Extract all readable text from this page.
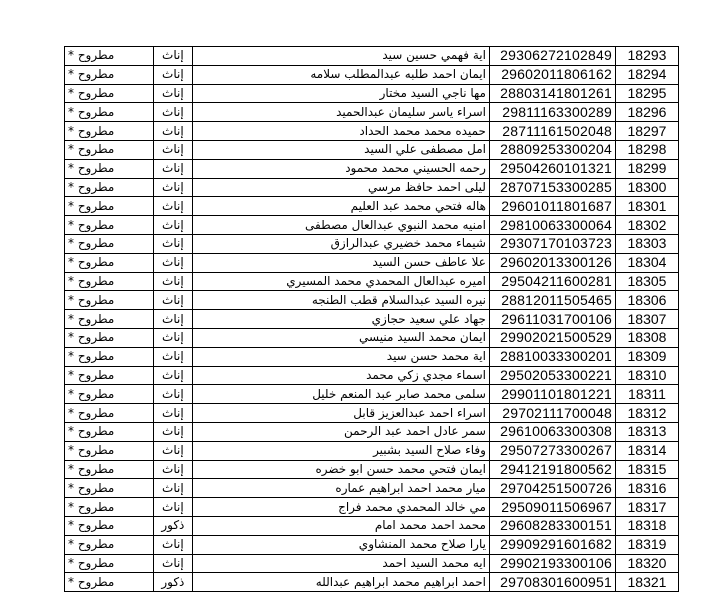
مطروح *	إناث	اية فهمي حسين سيد	29306272102849	18293
مطروح *	إناث	ايمان احمد طلبه عبدالمطلب سلامه	29602011806162	18294
مطروح *	إناث	مها ناجي السيد مختار	28803141801261	18295
مطروح *	إناث	اسراء ياسر سليمان عبدالحميد	29811163300289	18296
مطروح *	إناث	حميده محمد محمد الحداد	28711161502048	18297
مطروح *	إناث	امل مصطفى علي السيد	28809253300204	18298
مطروح *	إناث	رحمه الحسيني محمد محمود	29504260101321	18299
مطروح *	إناث	ليلى احمد حافظ مرسي	28707153300285	18300
مطروح *	إناث	هاله فتحي محمد عبد العليم	29601011801687	18301
مطروح *	إناث	امنيه محمد النبوي عبدالعال مصطفى	29810063300064	18302
مطروح *	إناث	شيماء محمد خضيري عبدالرازق	29307170103723	18303
مطروح *	إناث	علا عاطف حسن السيد	29602013300126	18304
مطروح *	إناث	اميره عبدالعال المحمدي محمد المسيري	29504211600281	18305
مطروح *	إناث	نيره السيد عبدالسلام قطب الطنجه	28812011505465	18306
مطروح *	إناث	جهاد علي سعيد حجازي	29611031700106	18307
مطروح *	إناث	ايمان محمد السيد منيسي	29902021500529	18308
مطروح *	إناث	اية محمد حسن سيد	28810033300201	18309
مطروح *	إناث	اسماء مجدي زكي محمد	29502053300221	18310
مطروح *	إناث	سلمى محمد صابر عبد المنعم خليل	29901101801221	18311
مطروح *	إناث	اسراء احمد عبدالعزيز قابل	29702111700048	18312
مطروح *	إناث	سمر عادل احمد عبد الرحمن	29610063300308	18313
مطروح *	إناث	وفاء صلاح السيد بشبير	29507273300267	18314
مطروح *	إناث	ايمان فتحي محمد حسن ابو خضره	29412191800562	18315
مطروح *	إناث	ميار محمد احمد ابراهيم عماره	29704251500726	18316
مطروح *	إناث	مي خالد المحمدي محمد فراج	29509011506967	18317
مطروح *	ذكور	محمد احمد محمد امام	29608283300151	18318
مطروح *	إناث	يارا صلاح محمد المنشاوي	29909291601682	18319
مطروح *	إناث	ايه محمد السيد احمد	29902193300106	18320
مطروح *	ذكور	احمد ابراهيم محمد ابراهيم عبدالله	29708301600951	18321
